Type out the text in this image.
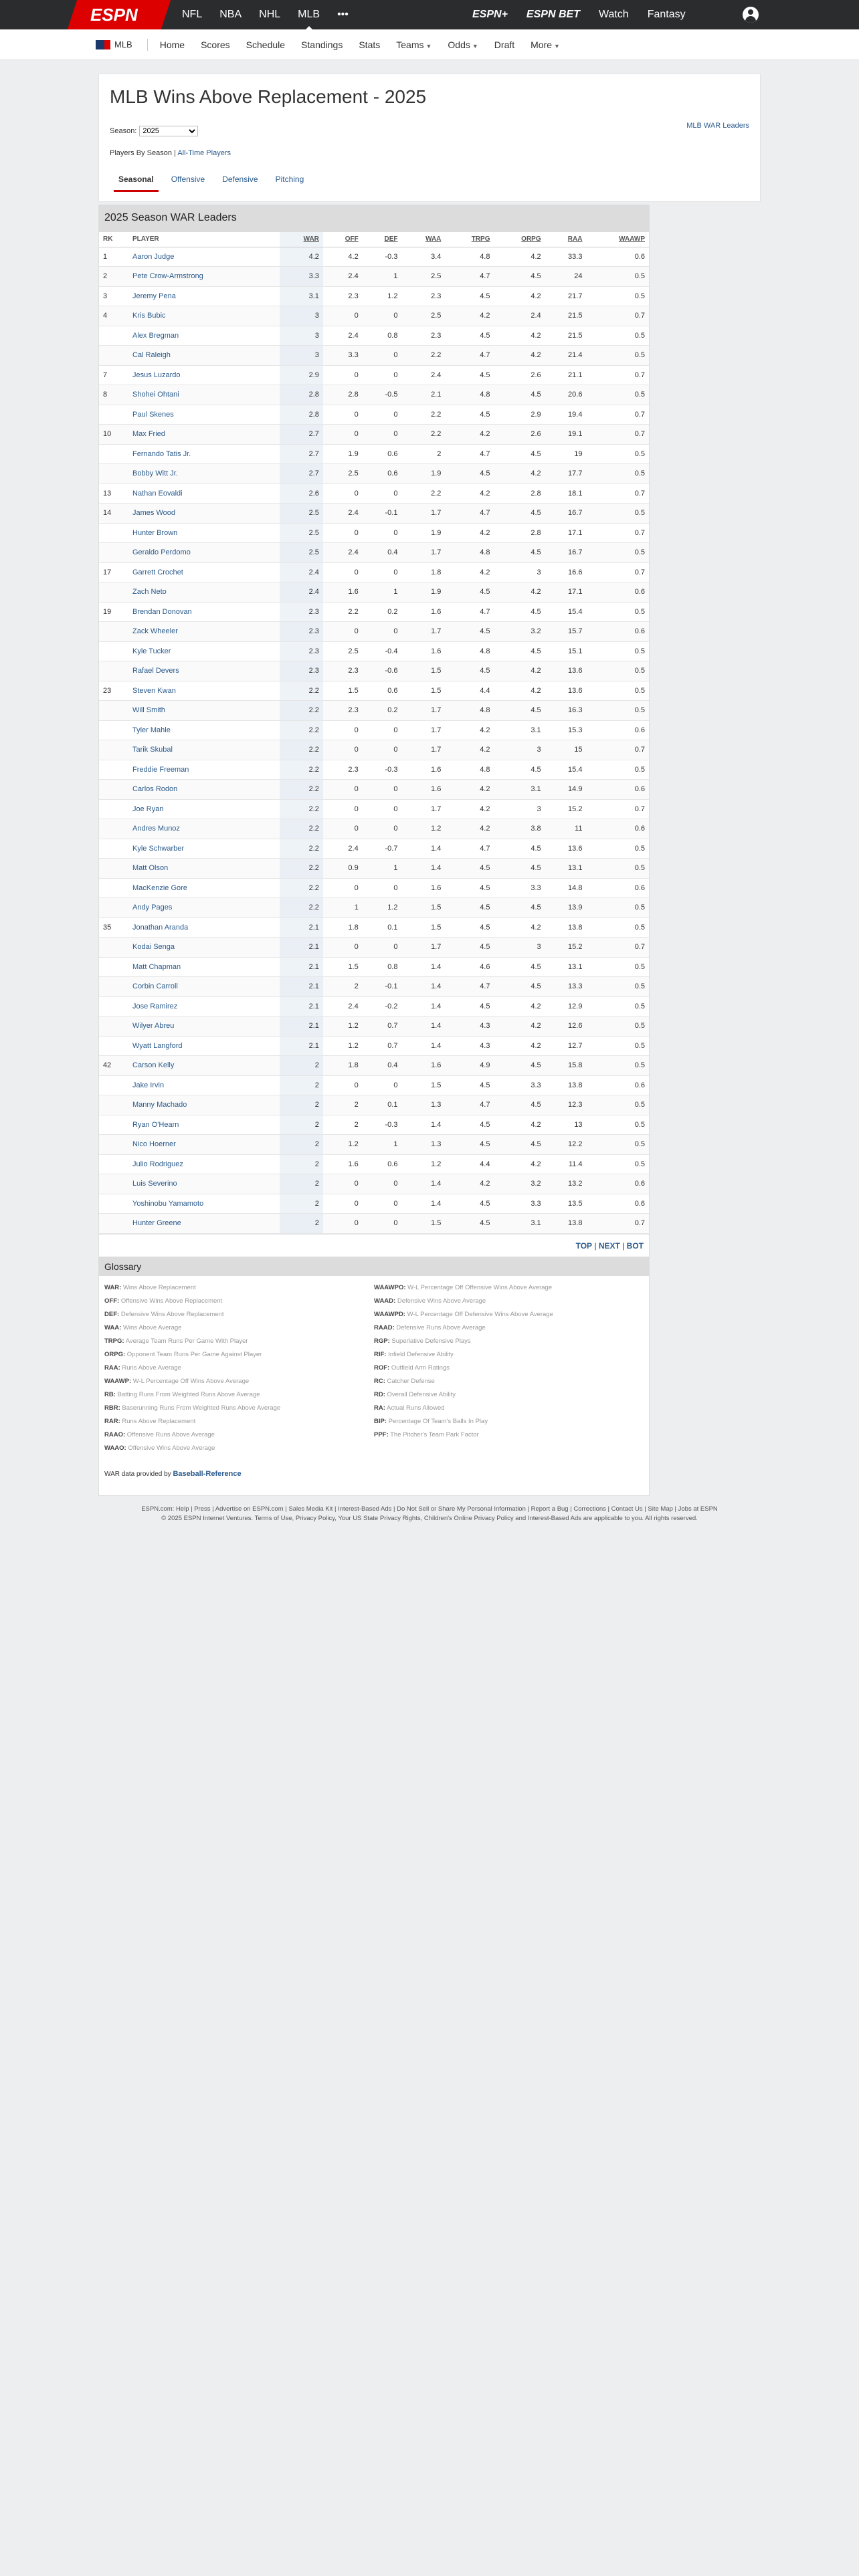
ESPN	NFL NBA NHL MLB •••	ESPN+ ESPN BET Watch Fantasy
MLB	Home Scores Schedule Standings Stats Teams ▼ Odds ▼ Draft More ▼
MLB Wins Above Replacement - 2025
Season:
2025
MLB WAR Leaders
Players By Season | All-Time Players
Seasonal	Offensive	Defensive	Pitching
2025 Season WAR Leaders
RK	PLAYER	WAR	OFF	DEF	WAA	TRPG	ORPG	RAA	WAAWP
1	Aaron Judge	4.2	4.2	-0.3	3.4	4.8	4.2	33.3	0.6
2	Pete Crow-Armstrong	3.3	2.4	1	2.5	4.7	4.5	24	0.5
3	Jeremy Pena	3.1	2.3	1.2	2.3	4.5	4.2	21.7	0.5
4	Kris Bubic	3	0	0	2.5	4.2	2.4	21.5	0.7
	Alex Bregman	3	2.4	0.8	2.3	4.5	4.2	21.5	0.5
	Cal Raleigh	3	3.3	0	2.2	4.7	4.2	21.4	0.5
7	Jesus Luzardo	2.9	0	0	2.4	4.5	2.6	21.1	0.7
8	Shohei Ohtani	2.8	2.8	-0.5	2.1	4.8	4.5	20.6	0.5
	Paul Skenes	2.8	0	0	2.2	4.5	2.9	19.4	0.7
10	Max Fried	2.7	0	0	2.2	4.2	2.6	19.1	0.7
	Fernando Tatis Jr.	2.7	1.9	0.6	2	4.7	4.5	19	0.5
	Bobby Witt Jr.	2.7	2.5	0.6	1.9	4.5	4.2	17.7	0.5
13	Nathan Eovaldi	2.6	0	0	2.2	4.2	2.8	18.1	0.7
14	James Wood	2.5	2.4	-0.1	1.7	4.7	4.5	16.7	0.5
	Hunter Brown	2.5	0	0	1.9	4.2	2.8	17.1	0.7
	Geraldo Perdomo	2.5	2.4	0.4	1.7	4.8	4.5	16.7	0.5
17	Garrett Crochet	2.4	0	0	1.8	4.2	3	16.6	0.7
	Zach Neto	2.4	1.6	1	1.9	4.5	4.2	17.1	0.6
19	Brendan Donovan	2.3	2.2	0.2	1.6	4.7	4.5	15.4	0.5
	Zack Wheeler	2.3	0	0	1.7	4.5	3.2	15.7	0.6
	Kyle Tucker	2.3	2.5	-0.4	1.6	4.8	4.5	15.1	0.5
	Rafael Devers	2.3	2.3	-0.6	1.5	4.5	4.2	13.6	0.5
23	Steven Kwan	2.2	1.5	0.6	1.5	4.4	4.2	13.6	0.5
	Will Smith	2.2	2.3	0.2	1.7	4.8	4.5	16.3	0.5
	Tyler Mahle	2.2	0	0	1.7	4.2	3.1	15.3	0.6
	Tarik Skubal	2.2	0	0	1.7	4.2	3	15	0.7
	Freddie Freeman	2.2	2.3	-0.3	1.6	4.8	4.5	15.4	0.5
	Carlos Rodon	2.2	0	0	1.6	4.2	3.1	14.9	0.6
	Joe Ryan	2.2	0	0	1.7	4.2	3	15.2	0.7
	Andres Munoz	2.2	0	0	1.2	4.2	3.8	11	0.6
	Kyle Schwarber	2.2	2.4	-0.7	1.4	4.7	4.5	13.6	0.5
	Matt Olson	2.2	0.9	1	1.4	4.5	4.5	13.1	0.5
	MacKenzie Gore	2.2	0	0	1.6	4.5	3.3	14.8	0.6
	Andy Pages	2.2	1	1.2	1.5	4.5	4.5	13.9	0.5
35	Jonathan Aranda	2.1	1.8	0.1	1.5	4.5	4.2	13.8	0.5
	Kodai Senga	2.1	0	0	1.7	4.5	3	15.2	0.7
	Matt Chapman	2.1	1.5	0.8	1.4	4.6	4.5	13.1	0.5
	Corbin Carroll	2.1	2	-0.1	1.4	4.7	4.5	13.3	0.5
	Jose Ramirez	2.1	2.4	-0.2	1.4	4.5	4.2	12.9	0.5
	Wilyer Abreu	2.1	1.2	0.7	1.4	4.3	4.2	12.6	0.5
	Wyatt Langford	2.1	1.2	0.7	1.4	4.3	4.2	12.7	0.5
42	Carson Kelly	2	1.8	0.4	1.6	4.9	4.5	15.8	0.5
	Jake Irvin	2	0	0	1.5	4.5	3.3	13.8	0.6
	Manny Machado	2	2	0.1	1.3	4.7	4.5	12.3	0.5
	Ryan O'Hearn	2	2	-0.3	1.4	4.5	4.2	13	0.5
	Nico Hoerner	2	1.2	1	1.3	4.5	4.5	12.2	0.5
	Julio Rodriguez	2	1.6	0.6	1.2	4.4	4.2	11.4	0.5
	Luis Severino	2	0	0	1.4	4.2	3.2	13.2	0.6
	Yoshinobu Yamamoto	2	0	0	1.4	4.5	3.3	13.5	0.6
	Hunter Greene	2	0	0	1.5	4.5	3.1	13.8	0.7
TOP | NEXT | BOT
Glossary
WAR: Wins Above Replacement
OFF: Offensive Wins Above Replacement
DEF: Defensive Wins Above Replacement
WAA: Wins Above Average
TRPG: Average Team Runs Per Game With Player
ORPG: Opponent Team Runs Per Game Against Player
RAA: Runs Above Average
WAAWP: W-L Percentage Off Wins Above Average
RB: Batting Runs From Weighted Runs Above Average
RBR: Baserunning Runs From Weighted Runs Above Average
RAR: Runs Above Replacement
RAAO: Offensive Runs Above Average
WAAO: Offensive Wins Above Average
WAAWPO: W-L Percentage Off Offensive Wins Above Average
WAAD: Defensive Wins Above Average
WAAWPD: W-L Percentage Off Defensive Wins Above Average
RAAD: Defensive Runs Above Average
RGP: Superlative Defensive Plays
RIF: Infield Defensive Ability
ROF: Outfield Arm Ratings
RC: Catcher Defense
RD: Overall Defensive Ability
RA: Actual Runs Allowed
BIP: Percentage Of Team's Balls In Play
PPF: The Pitcher's Team Park Factor
WAR data provided by Baseball-Reference
ESPN.com: Help | Press | Advertise on ESPN.com | Sales Media Kit | Interest-Based Ads | Do Not Sell or Share My Personal Information | Report a Bug | Corrections | Contact Us | Site Map | Jobs at ESPN
© 2025 ESPN Internet Ventures. Terms of Use, Privacy Policy, Your US State Privacy Rights, Children's Online Privacy Policy and Interest-Based Ads are applicable to you. All rights reserved.
